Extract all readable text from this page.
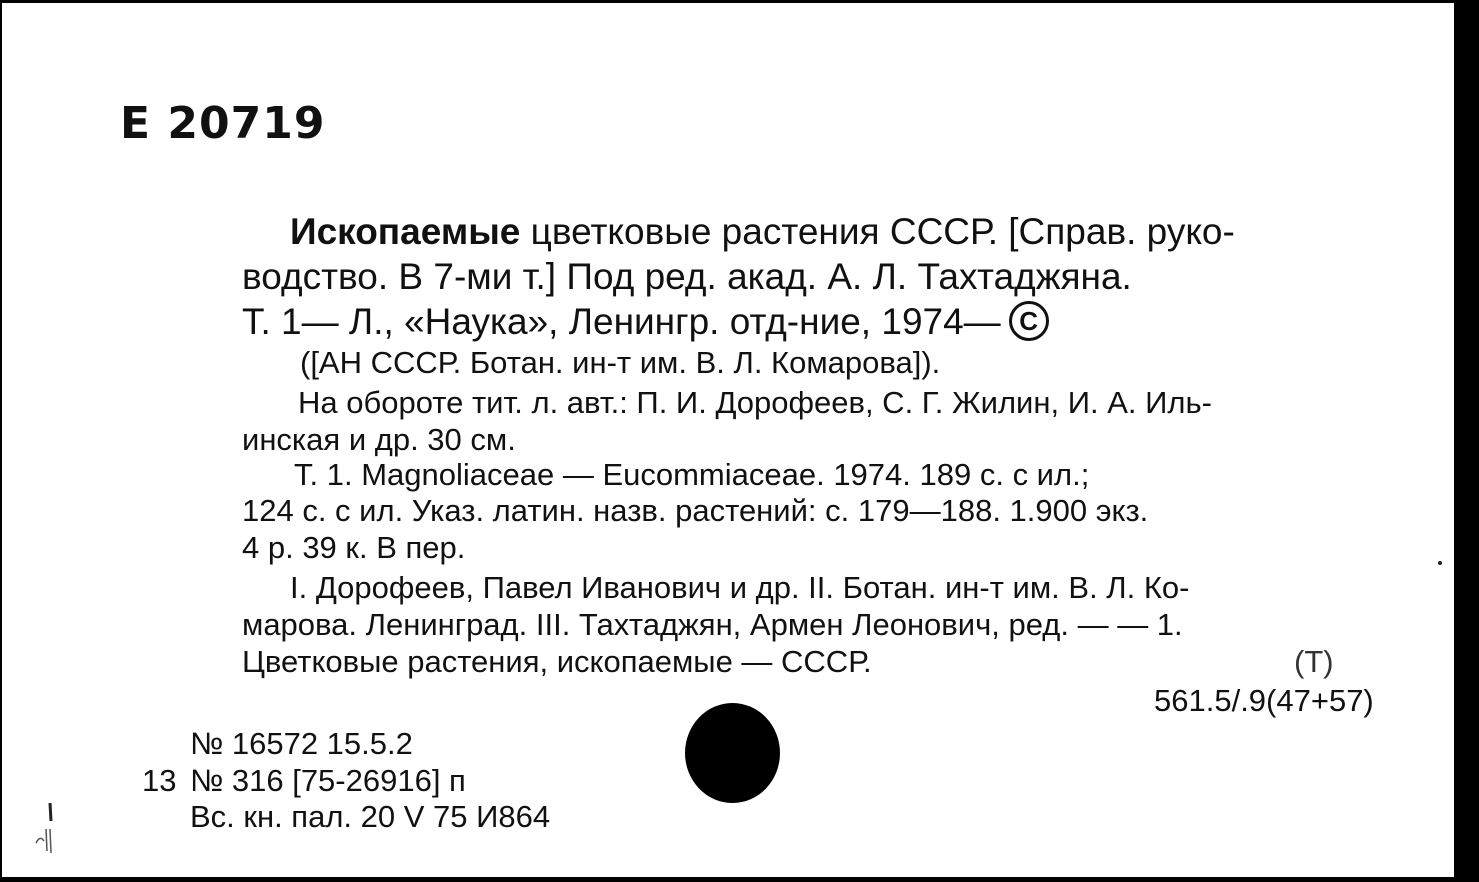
Е 20719
Ископаемые цветковые растения СССР. [Справ. руко-
водство. В 7-ми т.] Под ред. акад. А. Л. Тахтаджяна.
Т. 1— Л., «Наука», Ленингр. отд-ние, 1974— C
([АН СССР. Ботан. ин-т им. В. Л. Комарова]).
На обороте тит. л. авт.: П. И. Дорофеев, С. Г. Жилин, И. А. Иль-
инская и др. 30 см.
Т. 1. Magnoliaceae — Eucommiaceae. 1974. 189 с. с ил.;
124 с. с ил. Указ. латин. назв. растений: с. 179—188. 1.900 экз.
4 р. 39 к. В пер.
I. Дорофеев, Павел Иванович и др. II. Ботан. ин-т им. В. Л. Ко-
марова. Ленинград. III. Тахтаджян, Армен Леонович, ред. — — 1.
Цветковые растения, ископаемые — СССР.	(Т)
561.5/.9(47+57)
№ 16572 15.5.2
13 № 316 [75-26916] п
Вс. кн. пал. 20 V 75 И864
